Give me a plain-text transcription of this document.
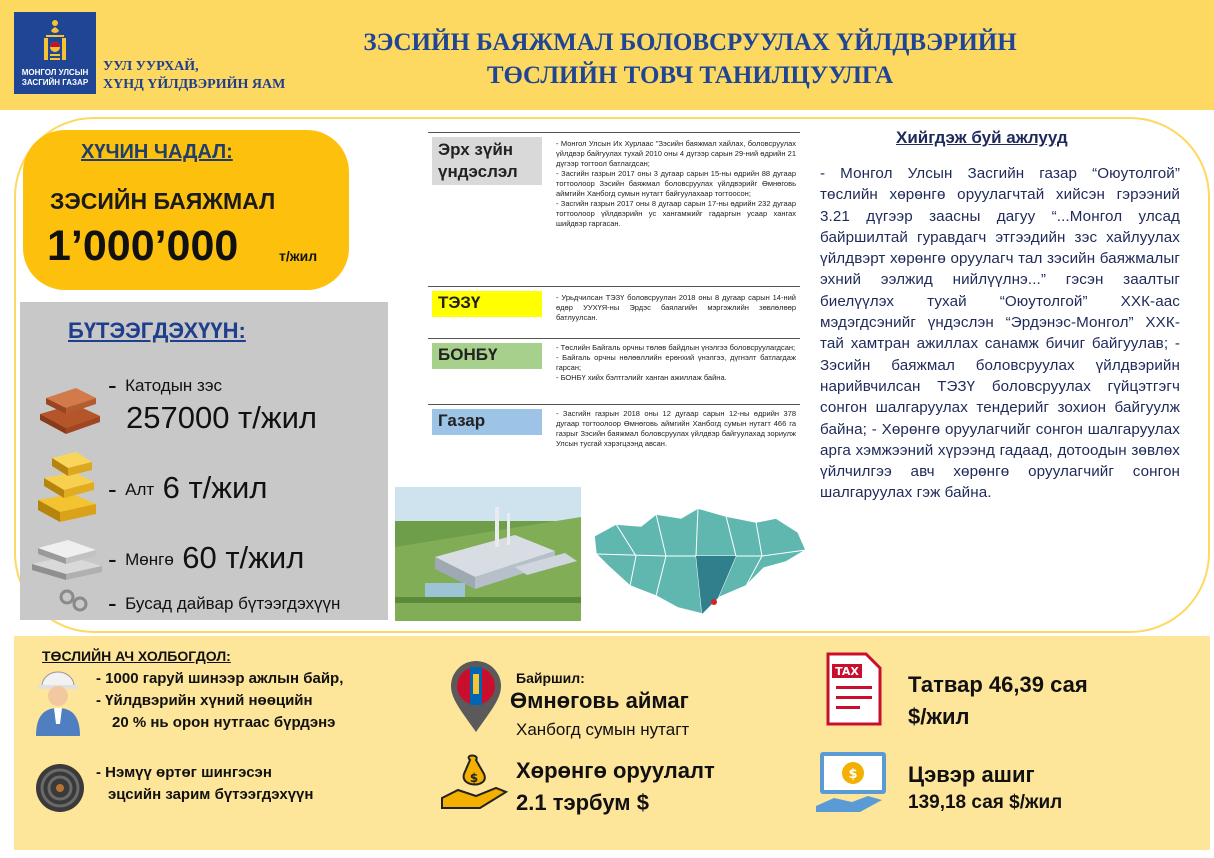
МОНГОЛ УЛСЫН
ЗАСГИЙН ГАЗАР
УУЛ УУРХАЙ,
ХҮНД ҮЙЛДВЭРИЙН ЯАМ
ЗЭСИЙН БАЯЖМАЛ БОЛОВСРУУЛАХ ҮЙЛДВЭРИЙН
ТӨСЛИЙН ТОВЧ ТАНИЛЦУУЛГА
ХҮЧИН ЧАДАЛ:
ЗЭСИЙН БАЯЖМАЛ
1’000’000	т/жил
БҮТЭЭГДЭХҮҮН:
- Катодын зэс
257000 т/жил
- Алт 6 т/жил
- Мөнгө 60 т/жил
- Бусад дайвар бүтээгдэхүүн
Эрх зүйн үндэслэл
- Монгол Улсын Их Хурлаас "Зэсийн баяжмал хайлах, боловсруулах үйлдвэр байгуулах тухай 2010 оны 4 дүгээр сарын 29-ний өдрийн 21 дүгээр тогтоол батлагдсан;
- Засгийн газрын 2017 оны 3 дугаар сарын 15-ны өдрийн 88 дугаар тогтоолоор Зэсийн баяжмал боловсруулах үйлдвэрийг Өмнөговь аймгийн Ханбогд сумын нутагт байгуулахаар тогтоосон;
- Засгийн газрын 2017 оны 8 дугаар сарын 17-ны өдрийн 232 дугаар тогтоолоор үйлдвэрийн ус хангамжийг гадаргын усаар хангах шийдвэр гаргасан.
ТЭЗҮ	- Урьдчилсан ТЭЗҮ боловсруулан 2018 оны 8 дугаар сарын 14-ний өдөр УУХҮЯ-ны Эрдэс баялагийн мэргэжлийн зөвлөлөөр батлуулсан.
БОНБҮ	- Төслийн Байгаль орчны төлөв байдлын үнэлгээ боловсруулагдсан;
- Байгаль орчны нөлөөллийн ерөнхий үнэлгээ, дүгнэлт батлагдаж гарсан;
- БОНБҮ хийх бэлтгэлийг ханган ажиллаж байна.
Газар	- Засгийн газрын 2018 оны 12 дугаар сарын 12-ны өдрийн 378 дугаар тогтоолоор Өмнөговь аймгийн Ханбогд сумын нутагт 466 га газрыг Зэсийн баяжмал боловсруулах үйлдвэр байгуулахад зориулж Улсын тусгай хэрэгцээнд авсан.
Хийгдэж буй ажлууд
- Монгол Улсын Засгийн газар “Оюутолгой” төслийн хөрөнгө оруулагчтай хийсэн гэрээний 3.21 дүгээр заасны дагуу “...Монгол улсад байршилтай гуравдагч этгээдийн зэс хайлуулах үйлдвэрт хөрөнгө оруулагч тал зэсийн баяжмалыг эхний ээлжид нийлүүлнэ...” гэсэн заалтыг биелүүлэх тухай “Оюутолгой” ХХК-аас мэдэгдсэнийг үндэслэн “Эрдэнэс-Монгол” ХХК-тай хамтран ажиллах санамж бичиг байгуулав; - Зэсийн баяжмал боловсруулах үйлдвэрийн нарийвчилсан ТЭЗҮ боловсруулах гүйцэтгэгч сонгон шалгаруулах тендерийг зохион байгуулж байна; - Хөрөнгө оруулагчийг сонгон шалгаруулах арга хэмжээний хүрээнд гадаад, дотоодын зөвлөх үйлчилгээ авч хөрөнгө оруулагчийг сонгон шалгаруулах гэж байна.
ТӨСЛИЙН АЧ ХОЛБОГДОЛ:
- 1000 гаруй шинээр ажлын байр,
- Үйлдвэрийн хүний нөөцийн
20 % нь орон нутгаас бүрдэнэ
- Нэмүү өртөг шингэсэн
эцсийн зарим бүтээгдэхүүн
Байршил:
Өмнөговь аймаг
Ханбогд сумын нутагт
$ Хөрөнгө оруулалт
2.1 тэрбум $
TAX
Татвар 46,39 сая
$/жил
$ Цэвэр ашиг
139,18 сая $/жил
